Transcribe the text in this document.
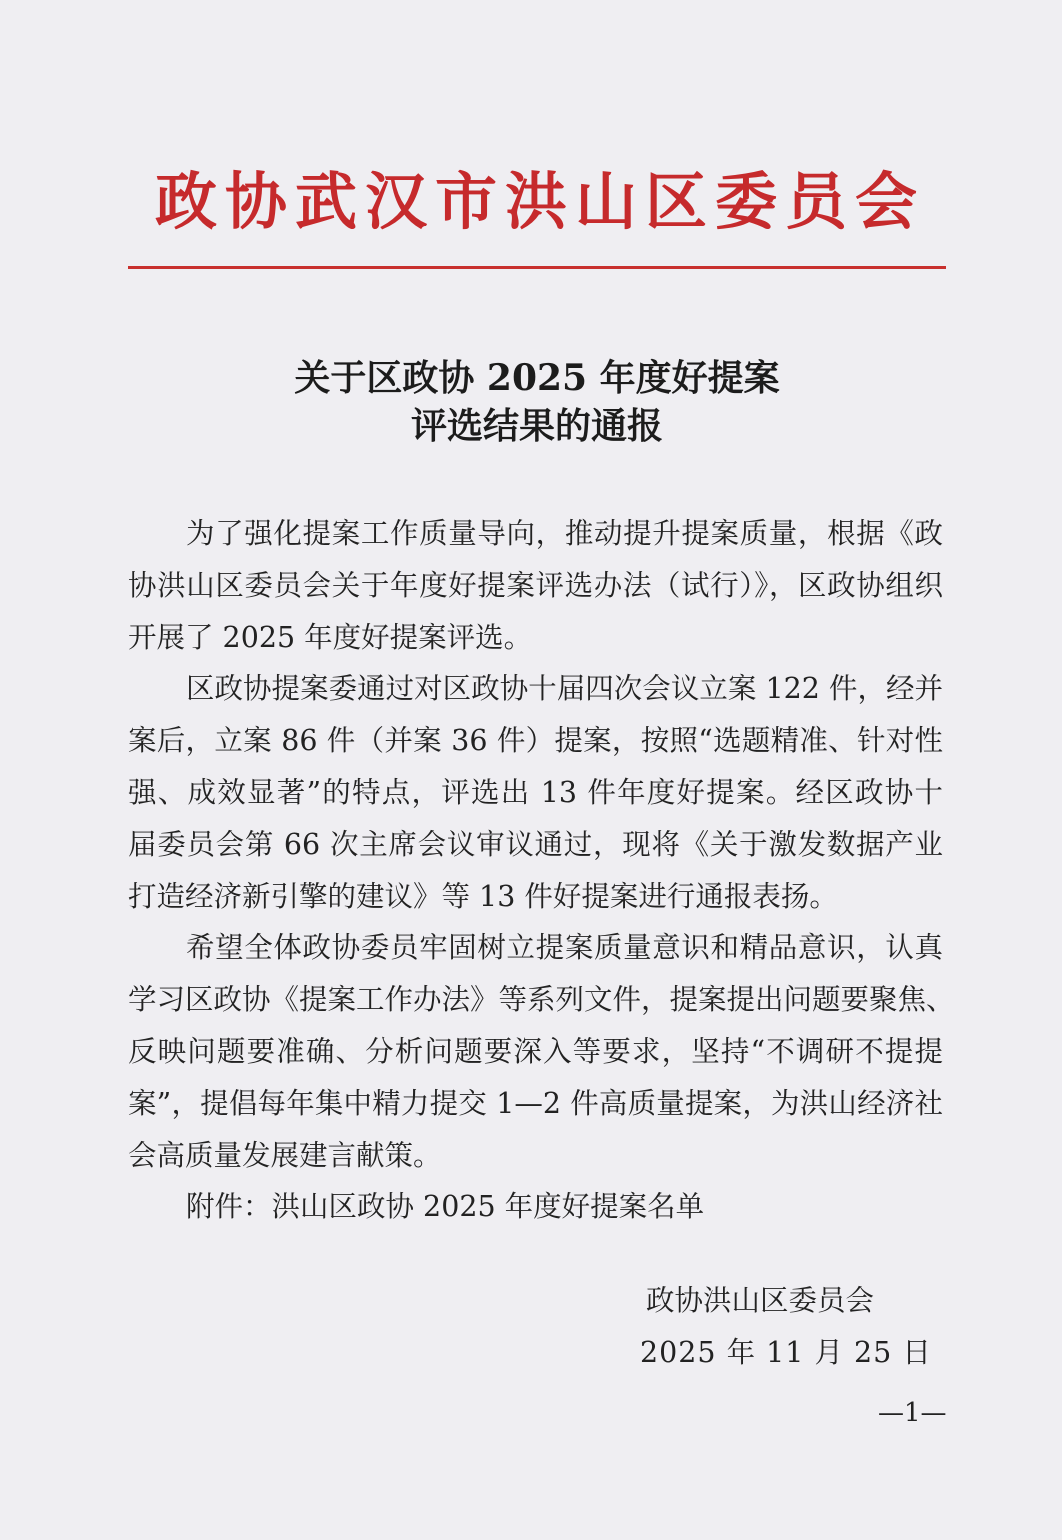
政协武汉市洪山区委员会
关于区政协 2025 年度好提案
评选结果的通报
为了强化提案工作质量导向，推动提升提案质量，根据《政
协洪山区委员会关于年度好提案评选办法（试行）》，区政协组织
开展了 2025 年度好提案评选。
区政协提案委通过对区政协十届四次会议立案 122 件，经并
案后，立案 86 件（并案 36 件）提案，按照“选题精准、针对性
强、成效显著”的特点，评选出 13 件年度好提案。经区政协十
届委员会第 66 次主席会议审议通过，现将《关于激发数据产业
打造经济新引擎的建议》等 13 件好提案进行通报表扬。
希望全体政协委员牢固树立提案质量意识和精品意识，认真
学习区政协《提案工作办法》等系列文件，提案提出问题要聚焦、
反映问题要准确、分析问题要深入等要求，坚持“不调研不提提
案”，提倡每年集中精力提交 1—2 件高质量提案，为洪山经济社
会高质量发展建言献策。
附件：洪山区政协 2025 年度好提案名单
政协洪山区委员会
2025 年 11 月 25 日
—1—
